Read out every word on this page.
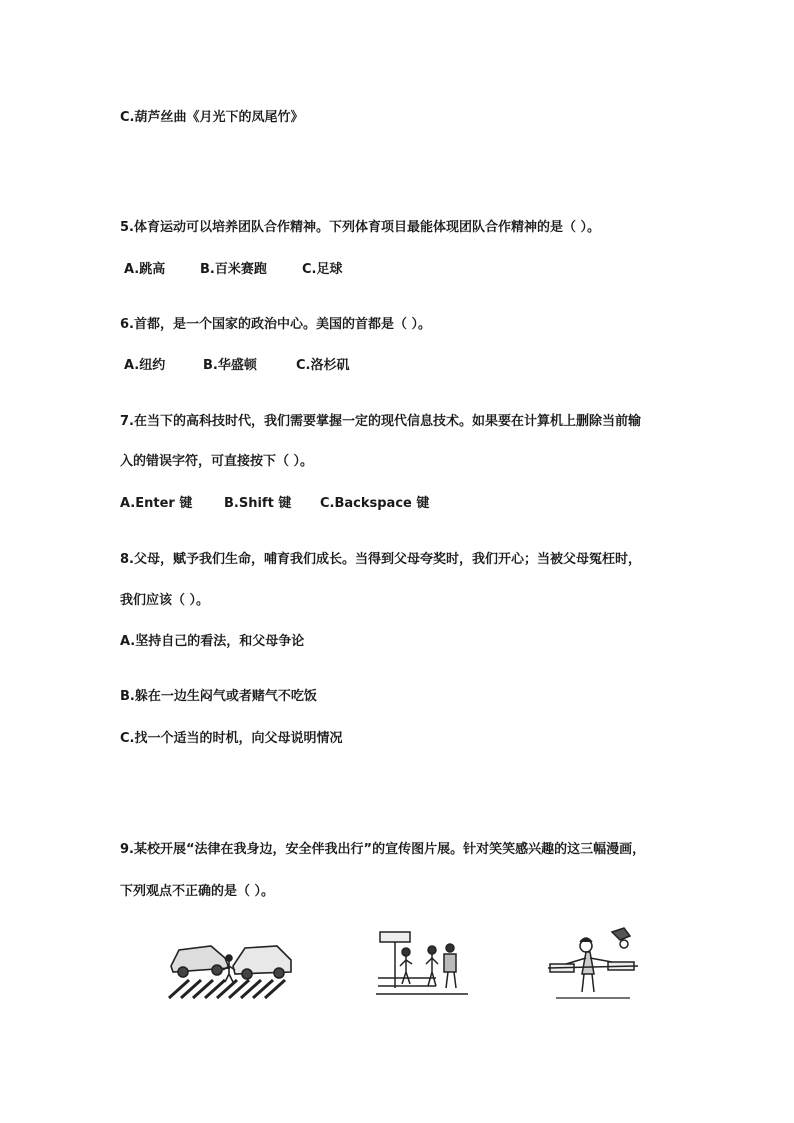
C.葫芦丝曲《月光下的凤尾竹》
5.体育运动可以培养团队合作精神。下列体育项目最能体现团队合作精神的是（ ）。
A.跳高	B.百米赛跑	C.足球
6.首都，是一个国家的政治中心。美国的首都是（ ）。
A.纽约	B.华盛顿	C.洛杉矶
7.在当下的高科技时代，我们需要掌握一定的现代信息技术。如果要在计算机上删除当前输
入的错误字符，可直接按下（ ）。
A.Enter 键 B.Shift 键 C.Backspace 键
8.父母，赋予我们生命，哺育我们成长。当得到父母夸奖时，我们开心；当被父母冤枉时，
我们应该（ ）。
A.坚持自己的看法，和父母争论
B.躲在一边生闷气或者赌气不吃饭
C.找一个适当的时机，向父母说明情况
9.某校开展“法律在我身边，安全伴我出行”的宣传图片展。针对笑笑感兴趣的这三幅漫画，
下列观点不正确的是（ ）。
